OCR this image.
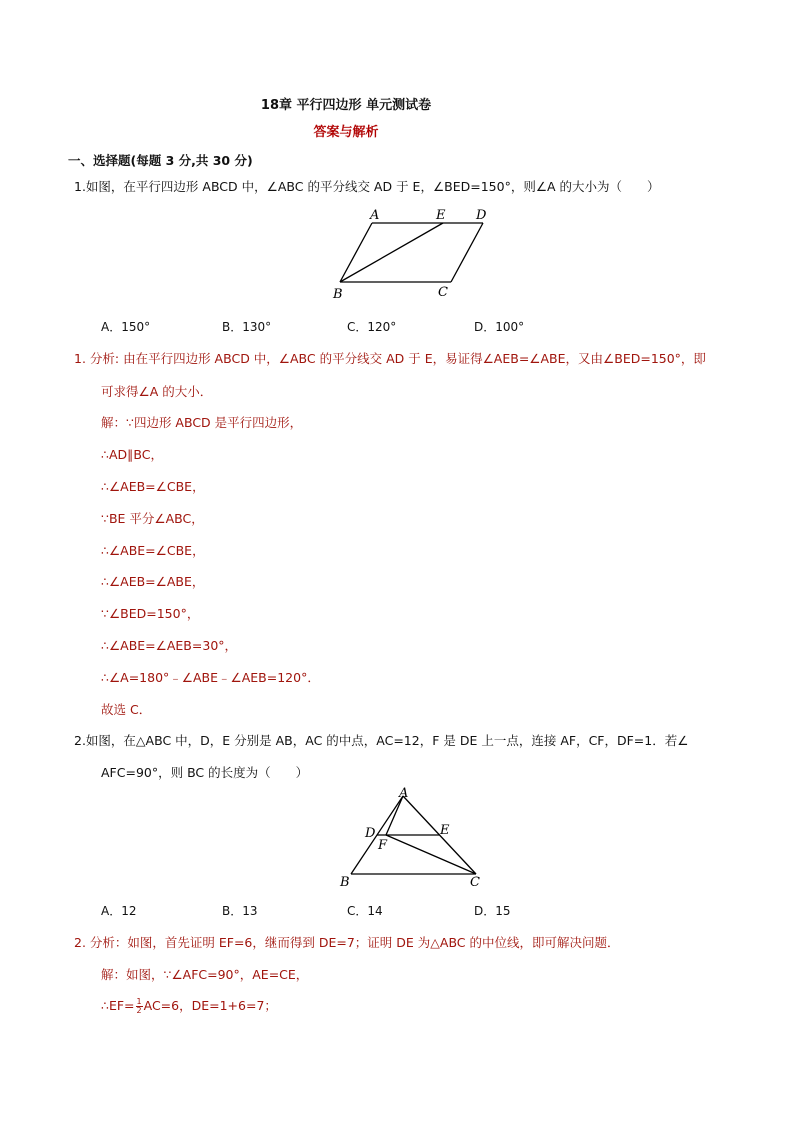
18章 平行四边形 单元测试卷
答案与解析
一、选择题(每题 3 分,共 30 分)
1.如图，在平行四边形 ABCD 中，∠ABC 的平分线交 AD 于 E，∠BED=150°，则∠A 的大小为（　　）
A	E D
B	C
A．150°	B．130°	C．120°	D．100°
1. 分析: 由在平行四边形 ABCD 中，∠ABC 的平分线交 AD 于 E，易证得∠AEB=∠ABE，又由∠BED=150°，即
可求得∠A 的大小．
解：∵四边形 ABCD 是平行四边形，
∴AD∥BC，
∴∠AEB=∠CBE，
∵BE 平分∠ABC，
∴∠ABE=∠CBE，
∴∠AEB=∠ABE，
∵∠BED=150°，
∴∠ABE=∠AEB=30°，
∴∠A=180°﹣∠ABE﹣∠AEB=120°．
故选 C．
2.如图，在△ABC 中，D，E 分别是 AB，AC 的中点，AC=12，F 是 DE 上一点，连接 AF，CF，DF=1．若∠
AFC=90°，则 BC 的长度为（　　）
A
D	E
F
B	C
A．12	B．13	C．14	D．15
2. 分析：如图，首先证明 EF=6，继而得到 DE=7；证明 DE 为△ABC 的中位线，即可解决问题．
解：如图，∵∠AFC=90°，AE=CE，
∴EF= $\frac{1}{2} AC=6$，DE=1+6=7；
